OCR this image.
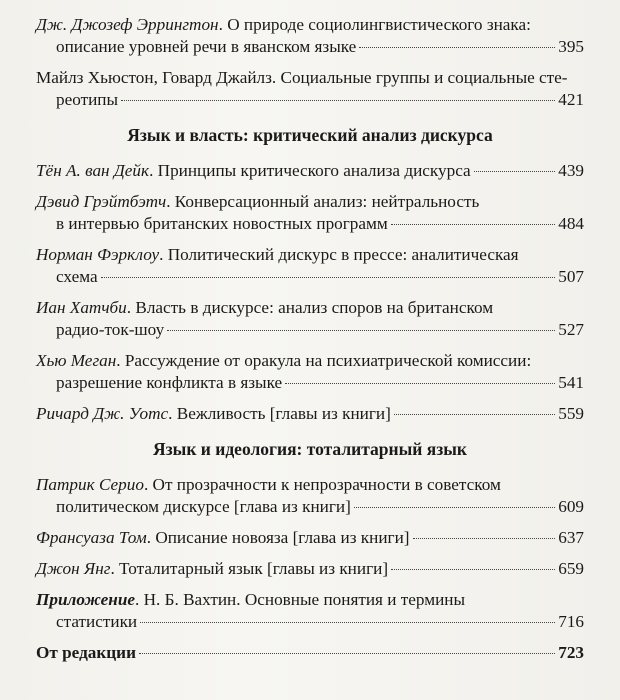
Дж. Джозеф Эррингтон. О природе социолингвистического знака:
описание уровней речи в яванском языке	395
Майлз Хьюстон, Говард Джайлз. Социальные группы и социальные сте-
реотипы	421
Язык и власть: критический анализ дискурса
Тён А. ван Дейк. Принципы критического анализа дискурса	439
Дэвид Грэйтбэтч. Конверсационный анализ: нейтральность
в интервью британских новостных программ	484
Норман Фэрклоу. Политический дискурс в прессе: аналитическая
схема	507
Иан Хатчби. Власть в дискурсе: анализ споров на британском
радио-ток-шоу	527
Хью Меган. Рассуждение от оракула на психиатрической комиссии:
разрешение конфликта в языке	541
Ричард Дж. Уотс. Вежливость [главы из книги]	559
Язык и идеология: тоталитарный язык
Патрик Серио. От прозрачности к непрозрачности в советском
политическом дискурсе [глава из книги]	609
Франсуаза Том. Описание новояза [глава из книги]	637
Джон Янг. Тоталитарный язык [главы из книги]	659
Приложение. Н. Б. Вахтин. Основные понятия и термины
статистики	716
От редакции	723
